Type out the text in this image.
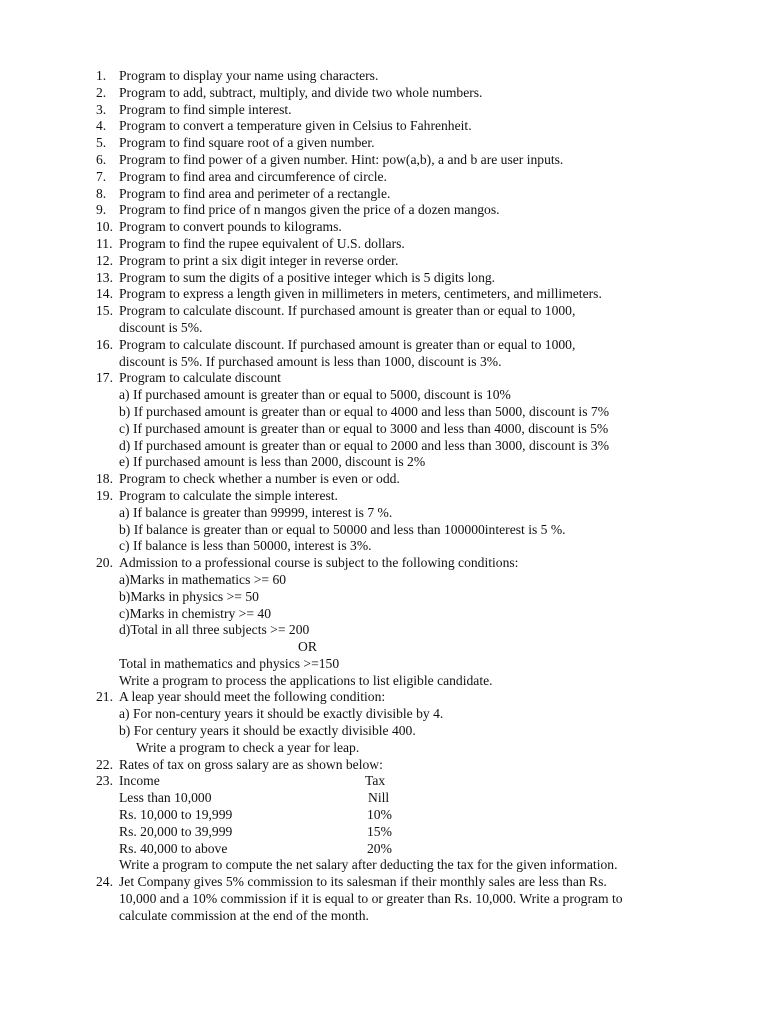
1. Program to display your name using characters.
2. Program to add, subtract, multiply, and divide two whole numbers.
3. Program to find simple interest.
4. Program to convert a temperature given in Celsius to Fahrenheit.
5. Program to find square root of a given number.
6. Program to find power of a given number. Hint: pow(a,b), a and b are user inputs.
7. Program to find area and circumference of circle.
8. Program to find area and perimeter of a rectangle.
9. Program to find price of n mangos given the price of a dozen mangos.
10. Program to convert pounds to kilograms.
11. Program to find the rupee equivalent of U.S. dollars.
12. Program to print a six digit integer in reverse order.
13. Program to sum the digits of a positive integer which is 5 digits long.
14. Program to express a length given in millimeters in meters, centimeters, and millimeters.
15. Program to calculate discount. If purchased amount is greater than or equal to 1000,
discount is 5%.
16. Program to calculate discount. If purchased amount is greater than or equal to 1000,
discount is 5%. If purchased amount is less than 1000, discount is 3%.
17. Program to calculate discount
a) If purchased amount is greater than or equal to 5000, discount is 10%
b) If purchased amount is greater than or equal to 4000 and less than 5000, discount is 7%
c) If purchased amount is greater than or equal to 3000 and less than 4000, discount is 5%
d) If purchased amount is greater than or equal to 2000 and less than 3000, discount is 3%
e) If purchased amount is less than 2000, discount is 2%
18. Program to check whether a number is even or odd.
19. Program to calculate the simple interest.
a) If balance is greater than 99999, interest is 7 %.
b) If balance is greater than or equal to 50000 and less than 100000interest is 5 %.
c) If balance is less than 50000, interest is 3%.
20. Admission to a professional course is subject to the following conditions:
a)Marks in mathematics >= 60
b)Marks in physics >= 50
c)Marks in chemistry >= 40
d)Total in all three subjects >= 200
OR
Total in mathematics and physics >=150
Write a program to process the applications to list eligible candidate.
21. A leap year should meet the following condition:
a) For non-century years it should be exactly divisible by 4.
b) For century years it should be exactly divisible 400.
Write a program to check a year for leap.
22. Rates of tax on gross salary are as shown below:
23. Income	Tax
Less than 10,000	Nill
Rs. 10,000 to 19,999	10%
Rs. 20,000 to 39,999	15%
Rs. 40,000 to above	20%
Write a program to compute the net salary after deducting the tax for the given information.
24. Jet Company gives 5% commission to its salesman if their monthly sales are less than Rs.
10,000 and a 10% commission if it is equal to or greater than Rs. 10,000. Write a program to
calculate commission at the end of the month.
